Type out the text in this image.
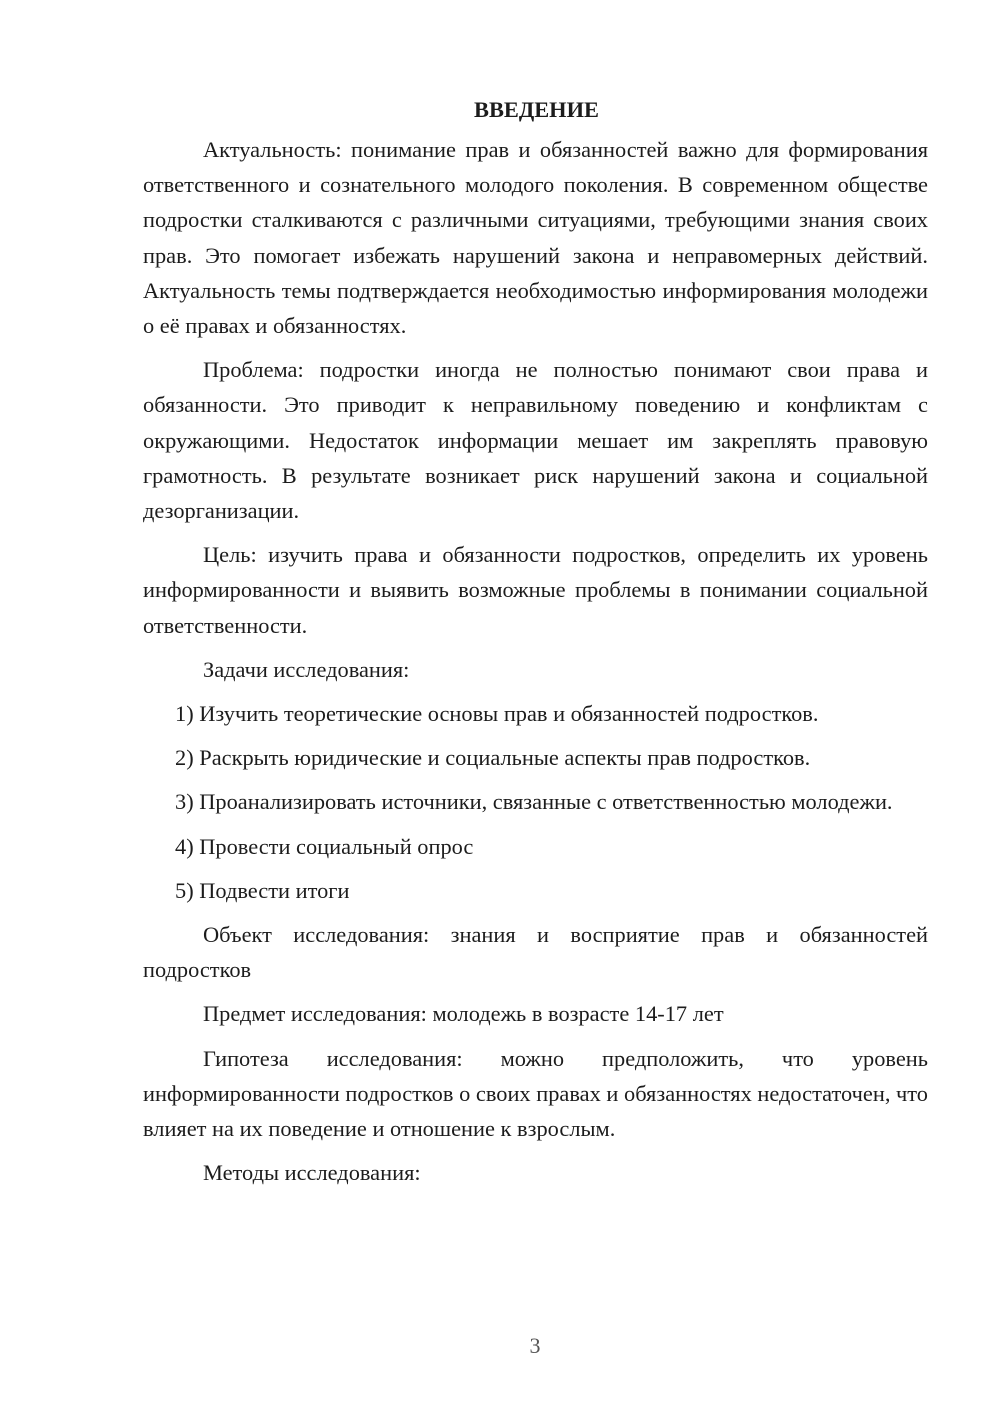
ВВЕДЕНИЕ

Актуальность: понимание прав и обязанностей важно для формирования ответственного и сознательного молодого поколения. В современном обществе подростки сталкиваются с различными ситуациями, требующими знания своих прав. Это помогает избежать нарушений закона и неправомерных действий. Актуальность темы подтверждается необходимостью информирования молодежи о её правах и обязанностях.

Проблема: подростки иногда не полностью понимают свои права и обязанности. Это приводит к неправильному поведению и конфликтам с окружающими. Недостаток информации мешает им закреплять правовую грамотность. В результате возникает риск нарушений закона и социальной дезорганизации.

Цель: изучить права и обязанности подростков, определить их уровень информированности и выявить возможные проблемы в понимании социальной ответственности.

Задачи исследования:

1) Изучить теоретические основы прав и обязанностей подростков.

2) Раскрыть юридические и социальные аспекты прав подростков.

3) Проанализировать источники, связанные с ответственностью молодежи.

4) Провести социальный опрос

5) Подвести итоги

Объект исследования: знания и восприятие прав и обязанностей подростков

Предмет исследования: молодежь в возрасте 14-17 лет

Гипотеза исследования: можно предположить, что уровень информированности подростков о своих правах и обязанностях недостаточен, что влияет на их поведение и отношение к взрослым.

Методы исследования:

3
